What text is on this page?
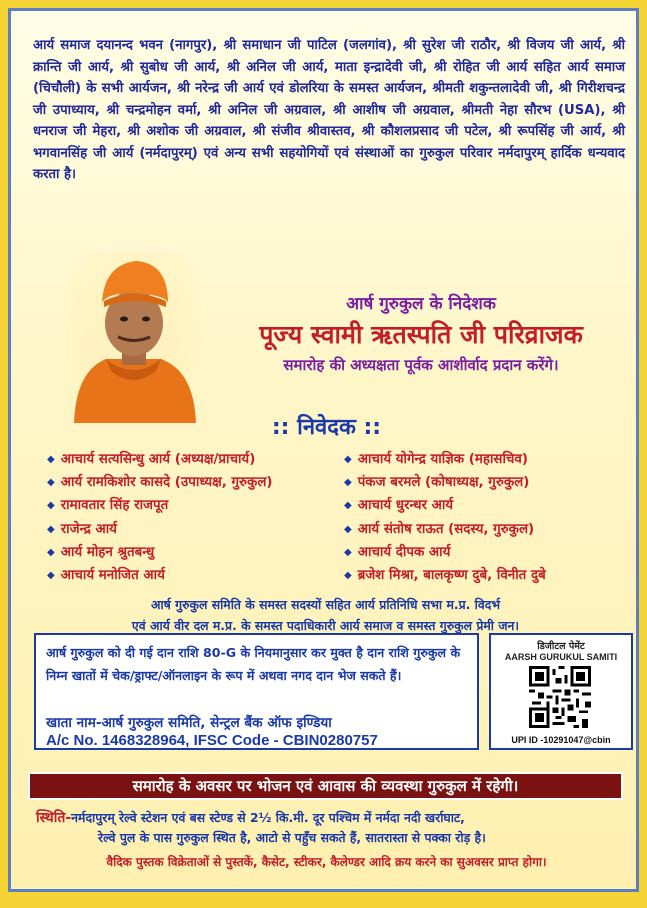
आर्य समाज दयानन्द भवन (नागपुर), श्री समाधान जी पाटिल (जलगांव), श्री सुरेश जी राठौर, श्री विजय जी आर्य, श्री क्रान्ति जी आर्य, श्री सुबोध जी आर्य, श्री अनिल जी आर्य, माता इन्द्रादेवी जी, श्री रोहित जी आर्य सहित आर्य समाज (चिचौली) के सभी आर्यजन, श्री नरेन्द्र जी आर्य एवं डोलरिया के समस्त आर्यजन, श्रीमती शकुन्तलादेवी जी, श्री गिरीशचन्द्र जी उपाध्याय, श्री चन्द्रमोहन वर्मा, श्री अनिल जी अग्रवाल, श्री आशीष जी अग्रवाल, श्रीमती नेहा सौरभ (USA), श्री धनराज जी मेहरा, श्री अशोक जी अग्रवाल, श्री संजीव श्रीवास्तव, श्री कौशलप्रसाद जी पटेल, श्री रूपसिंह जी आर्य, श्री भगवानसिंह जी आर्य (नर्मदापुरम्) एवं अन्य सभी सहयोगियों एवं संस्थाओं का गुरुकुल परिवार नर्मदापुरम् हार्दिक धन्यवाद करता है।

आर्ष गुरुकुल के निदेशक
पूज्य स्वामी ऋतस्पति जी परिव्राजक
समारोह की अध्यक्षता पूर्वक आशीर्वाद प्रदान करेंगे।
:: निवेदक ::
◆ आचार्य सत्यसिन्धु आर्य (अध्यक्ष/प्राचार्य)
◆ आर्य रामकिशोर कासदे (उपाध्यक्ष, गुरुकुल)
◆ रामावतार सिंह राजपूत
◆ राजेन्द्र आर्य
◆ आर्य मोहन श्रुतबन्धु
◆ आचार्य मनोजित आर्य
◆ आचार्य योगेन्द्र याज्ञिक (महासचिव)
◆ पंकज बरमले (कोषाध्यक्ष, गुरुकुल)
◆ आचार्य धुरन्धर आर्य
◆ आर्य संतोष राऊत (सदस्य, गुरुकुल)
◆ आचार्य दीपक आर्य
◆ ब्रजेश मिश्रा, बालकृष्ण दुबे, विनीत दुबे
आर्ष गुरुकुल समिति के समस्त सदस्यों सहित आर्य प्रतिनिधि सभा म.प्र. विदर्भ
एवं आर्य वीर दल म.प्र. के समस्त पदाधिकारी आर्य समाज व समस्त गुरुकुल प्रेमी जन।
आर्ष गुरुकुल को दी गई दान राशि 80-G के नियमानुसार कर मुक्त है दान राशि गुरुकुल के निम्न खातों में चेक/ड्राफ्ट/ऑनलाइन के रूप में अथवा नगद दान भेज सकते हैं।
खाता नाम-आर्ष गुरुकुल समिति, सेन्ट्रल बैंक ऑफ इण्डिया
A/c No. 1468328964, IFSC Code - CBIN0280757
डिजीटल पेमेंट
AARSH GURUKUL SAMITI
UPI ID -10291047@cbin
समारोह के अवसर पर भोजन एवं आवास की व्यवस्था गुरुकुल में रहेगी।
स्थिति-नर्मदापुरम् रेल्वे स्टेशन एवं बस स्टेण्ड से 2½ कि.मी. दूर पश्चिम में नर्मदा नदी खर्राघाट,
रेल्वे पुल के पास गुरुकुल स्थित है, आटो से पहुँच सकते हैं, सातरास्ता से पक्का रोड़ है।
वैदिक पुस्तक विक्रेताओं से पुस्तकें, कैसेट, स्टीकर, कैलेण्डर आदि क्रय करने का सुअवसर प्राप्त होगा।
